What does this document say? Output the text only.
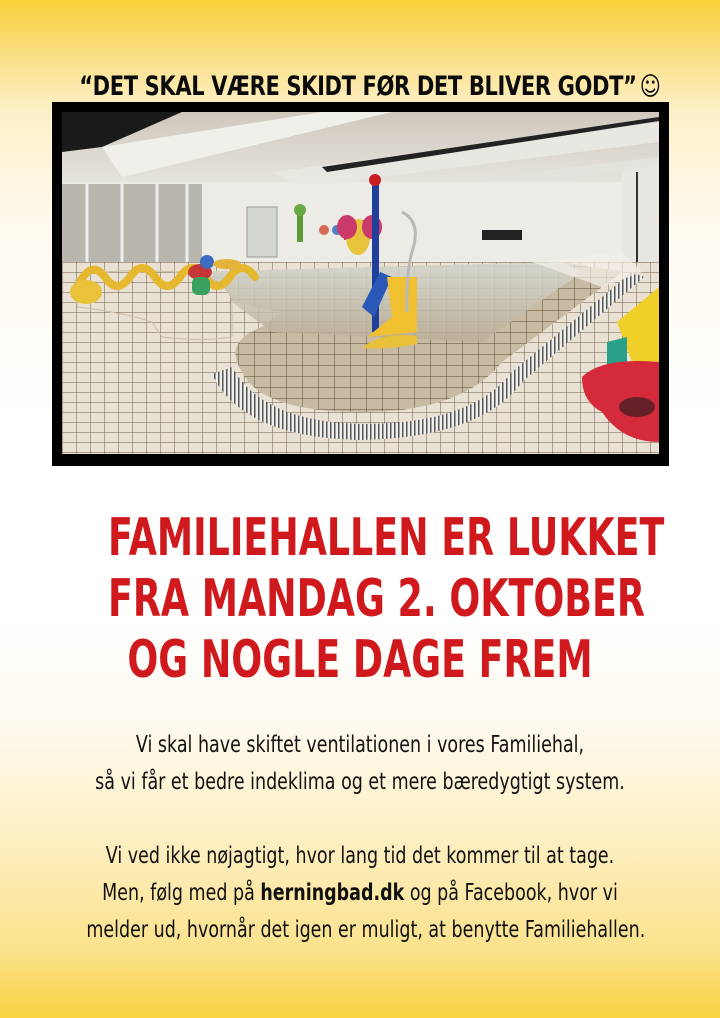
“DET SKAL VÆRE SKIDT FØR DET BLIVER GODT” ☺
FAMILIEHALLEN ER LUKKET
FRA MANDAG 2. OKTOBER
OG NOGLE DAGE FREM
Vi skal have skiftet ventilationen i vores Familiehal,
så vi får et bedre indeklima og et mere bæredygtigt system.
Vi ved ikke nøjagtigt, hvor lang tid det kommer til at tage.
Men, følg med på herningbad.dk og på Facebook, hvor vi
melder ud, hvornår det igen er muligt, at benytte Familiehallen.
